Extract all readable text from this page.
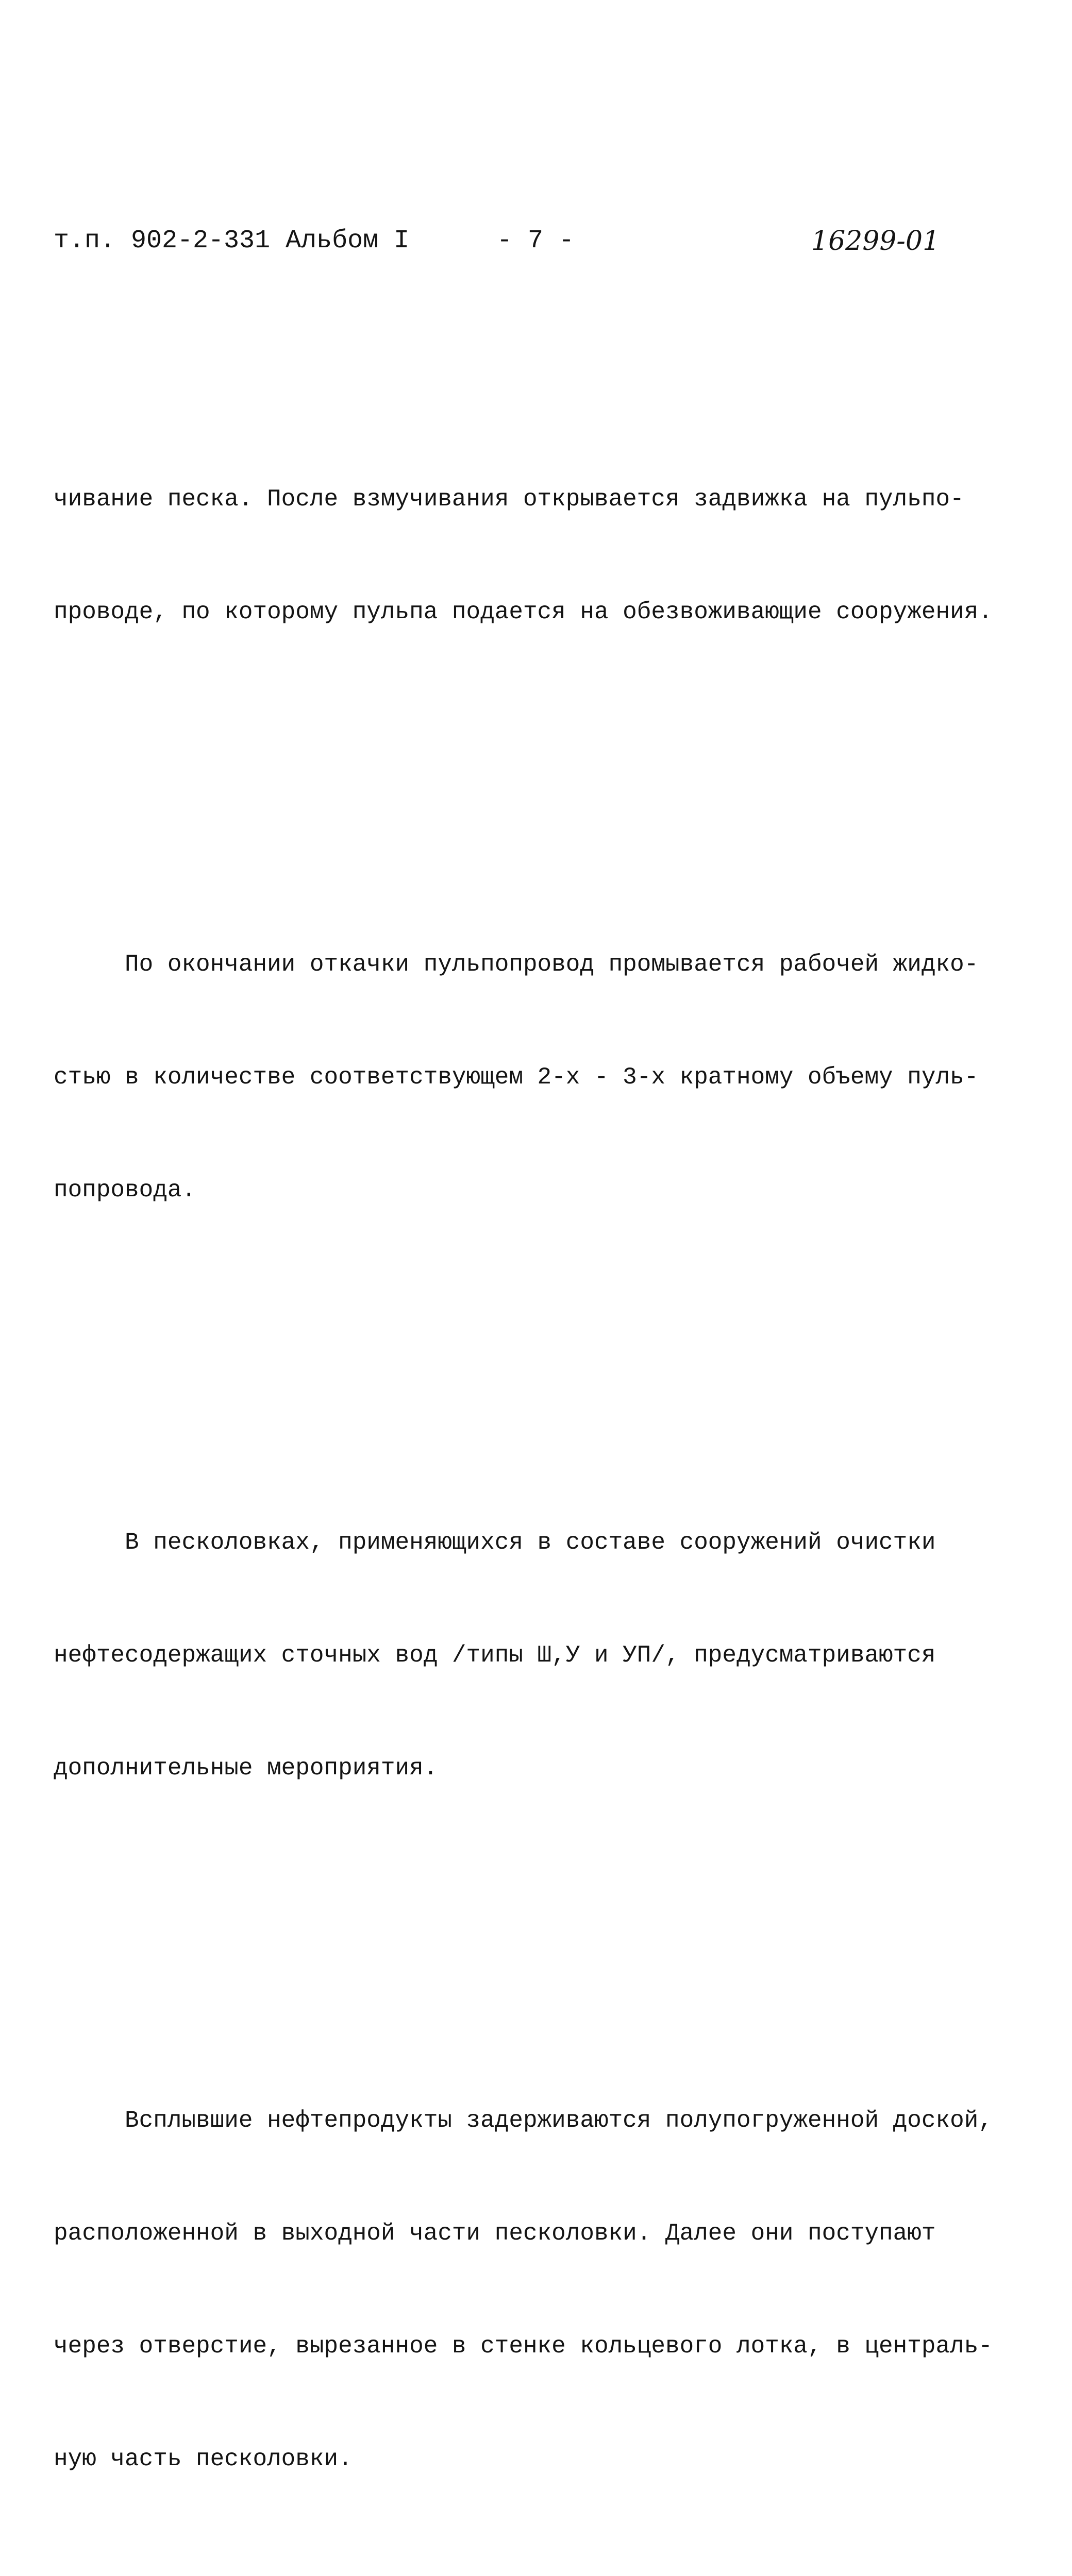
т.п. 902-2-331 Альбом I	- 7 -	16299-01

чивание песка. После взмучивания открывается задвижка на пульпо-

проводе, по которому пульпа подается на обезвоживающие сооружения.

По окончании откачки пульпопровод промывается рабочей жидко-

стью в количестве соответствующем 2-х - 3-х кратному объему пуль-

попровода.

В песколовках, применяющихся в составе сооружений очистки

нефтесодержащих сточных вод /типы Ш,У и УП/, предусматриваются

дополнительные мероприятия.

Всплывшие нефтепродукты задерживаются полупогруженной доской,

расположенной в выходной части песколовки. Далее они поступают

через отверстие, вырезанное в стенке кольцевого лотка, в централь-

ную часть песколовки.
